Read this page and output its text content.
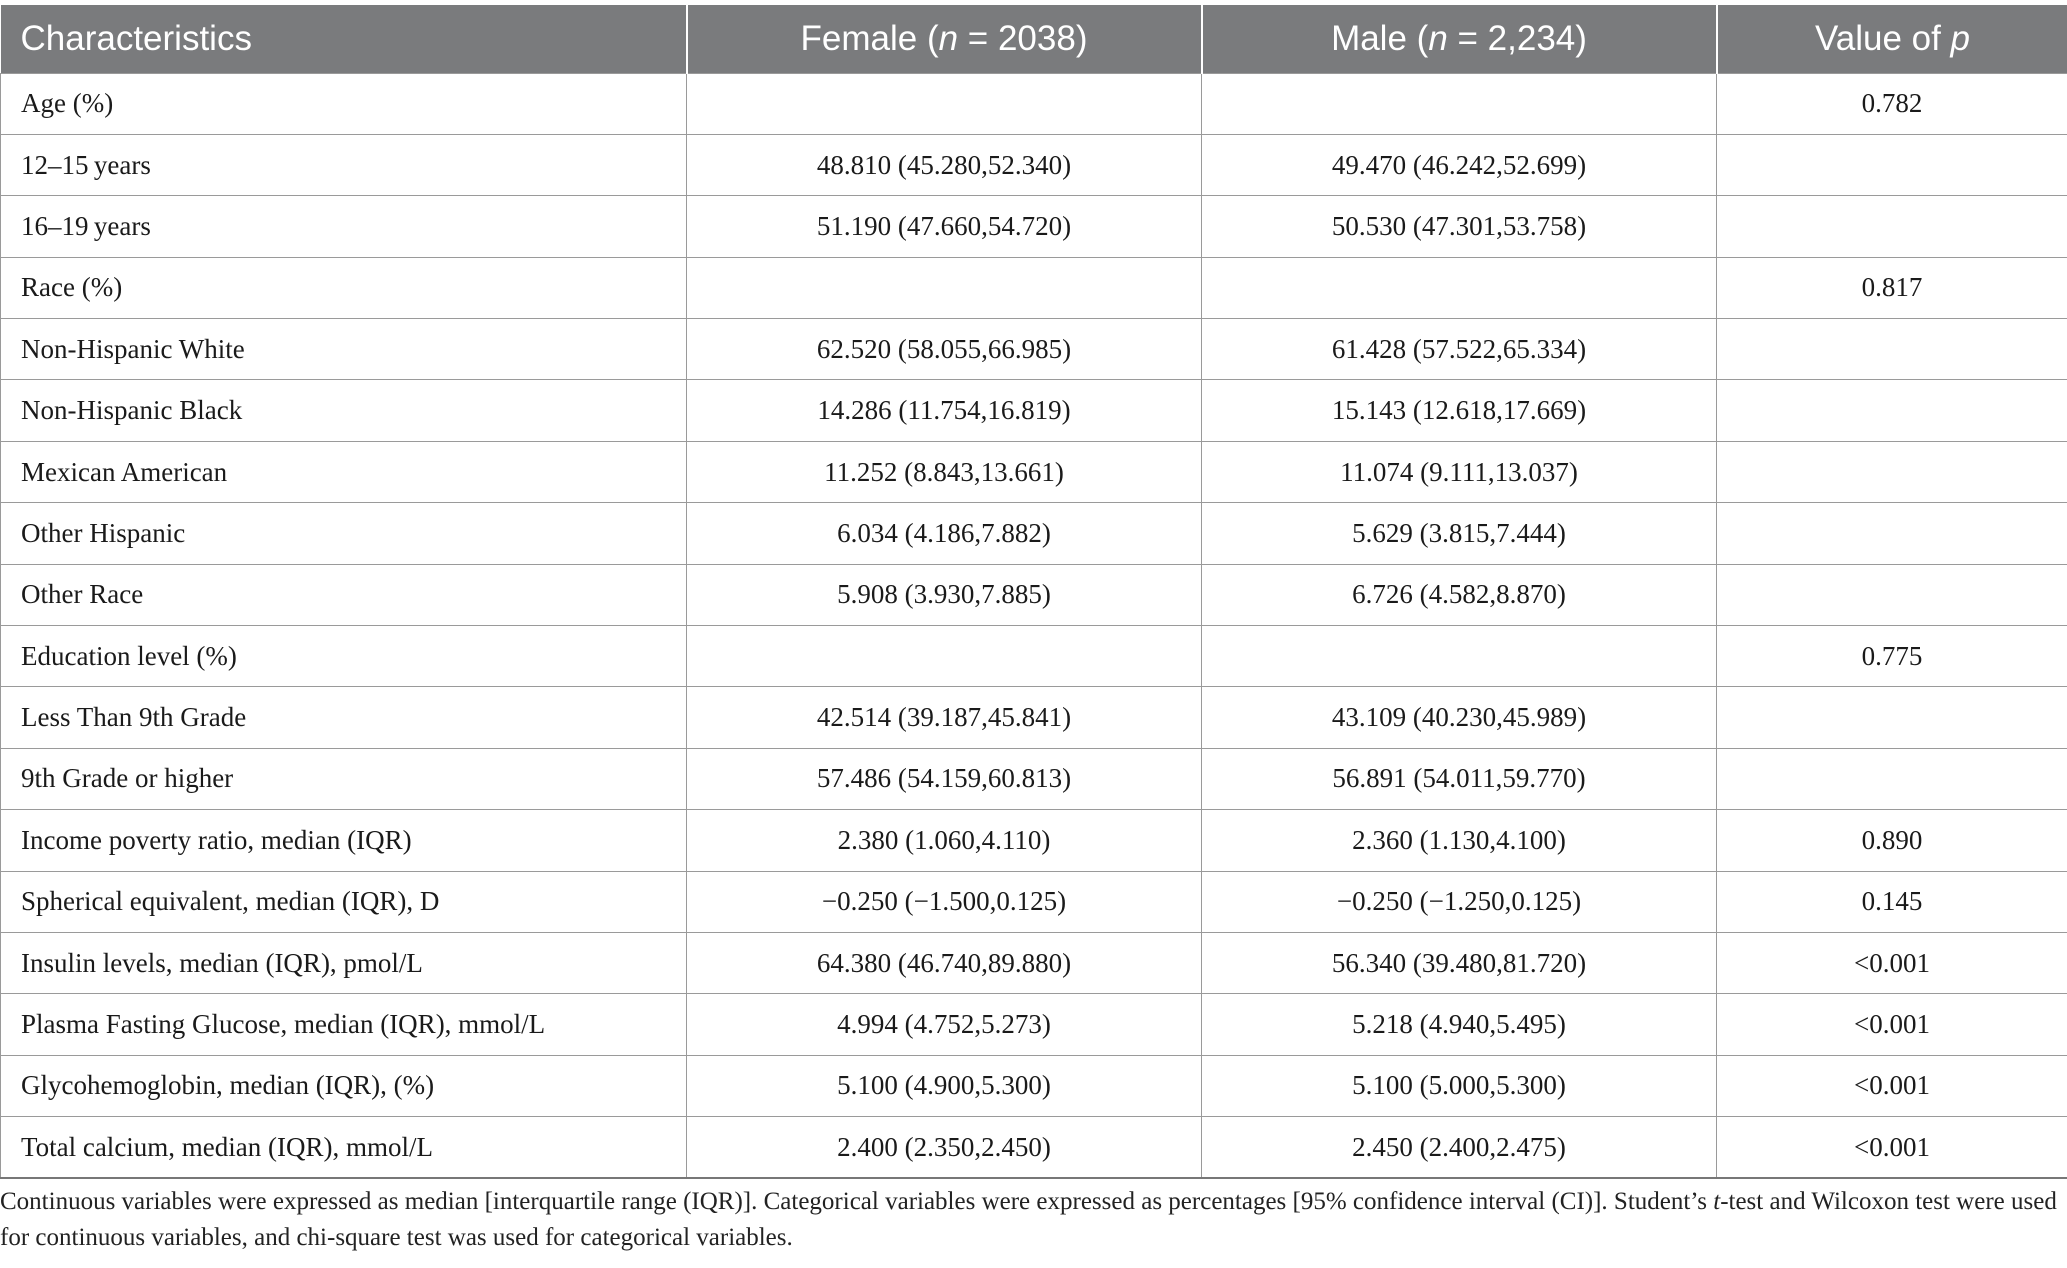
Characteristics	Female (n = 2038)	Male (n = 2,234)	Value of p
Age (%)			0.782
12–15 years	48.810 (45.280,52.340)	49.470 (46.242,52.699)	
16–19 years	51.190 (47.660,54.720)	50.530 (47.301,53.758)	
Race (%)			0.817
Non-Hispanic White	62.520 (58.055,66.985)	61.428 (57.522,65.334)	
Non-Hispanic Black	14.286 (11.754,16.819)	15.143 (12.618,17.669)	
Mexican American	11.252 (8.843,13.661)	11.074 (9.111,13.037)	
Other Hispanic	6.034 (4.186,7.882)	5.629 (3.815,7.444)	
Other Race	5.908 (3.930,7.885)	6.726 (4.582,8.870)	
Education level (%)			0.775
Less Than 9th Grade	42.514 (39.187,45.841)	43.109 (40.230,45.989)	
9th Grade or higher	57.486 (54.159,60.813)	56.891 (54.011,59.770)	
Income poverty ratio, median (IQR)	2.380 (1.060,4.110)	2.360 (1.130,4.100)	0.890
Spherical equivalent, median (IQR), D	−0.250 (−1.500,0.125)	−0.250 (−1.250,0.125)	0.145
Insulin levels, median (IQR), pmol/L	64.380 (46.740,89.880)	56.340 (39.480,81.720)	<0.001
Plasma Fasting Glucose, median (IQR), mmol/L	4.994 (4.752,5.273)	5.218 (4.940,5.495)	<0.001
Glycohemoglobin, median (IQR), (%)	5.100 (4.900,5.300)	5.100 (5.000,5.300)	<0.001
Total calcium, median (IQR), mmol/L	2.400 (2.350,2.450)	2.450 (2.400,2.475)	<0.001

Continuous variables were expressed as median [interquartile range (IQR)]. Categorical variables were expressed as percentages [95% confidence interval (CI)]. Student’s t-test and Wilcoxon test were used for continuous variables, and chi-square test was used for categorical variables.
